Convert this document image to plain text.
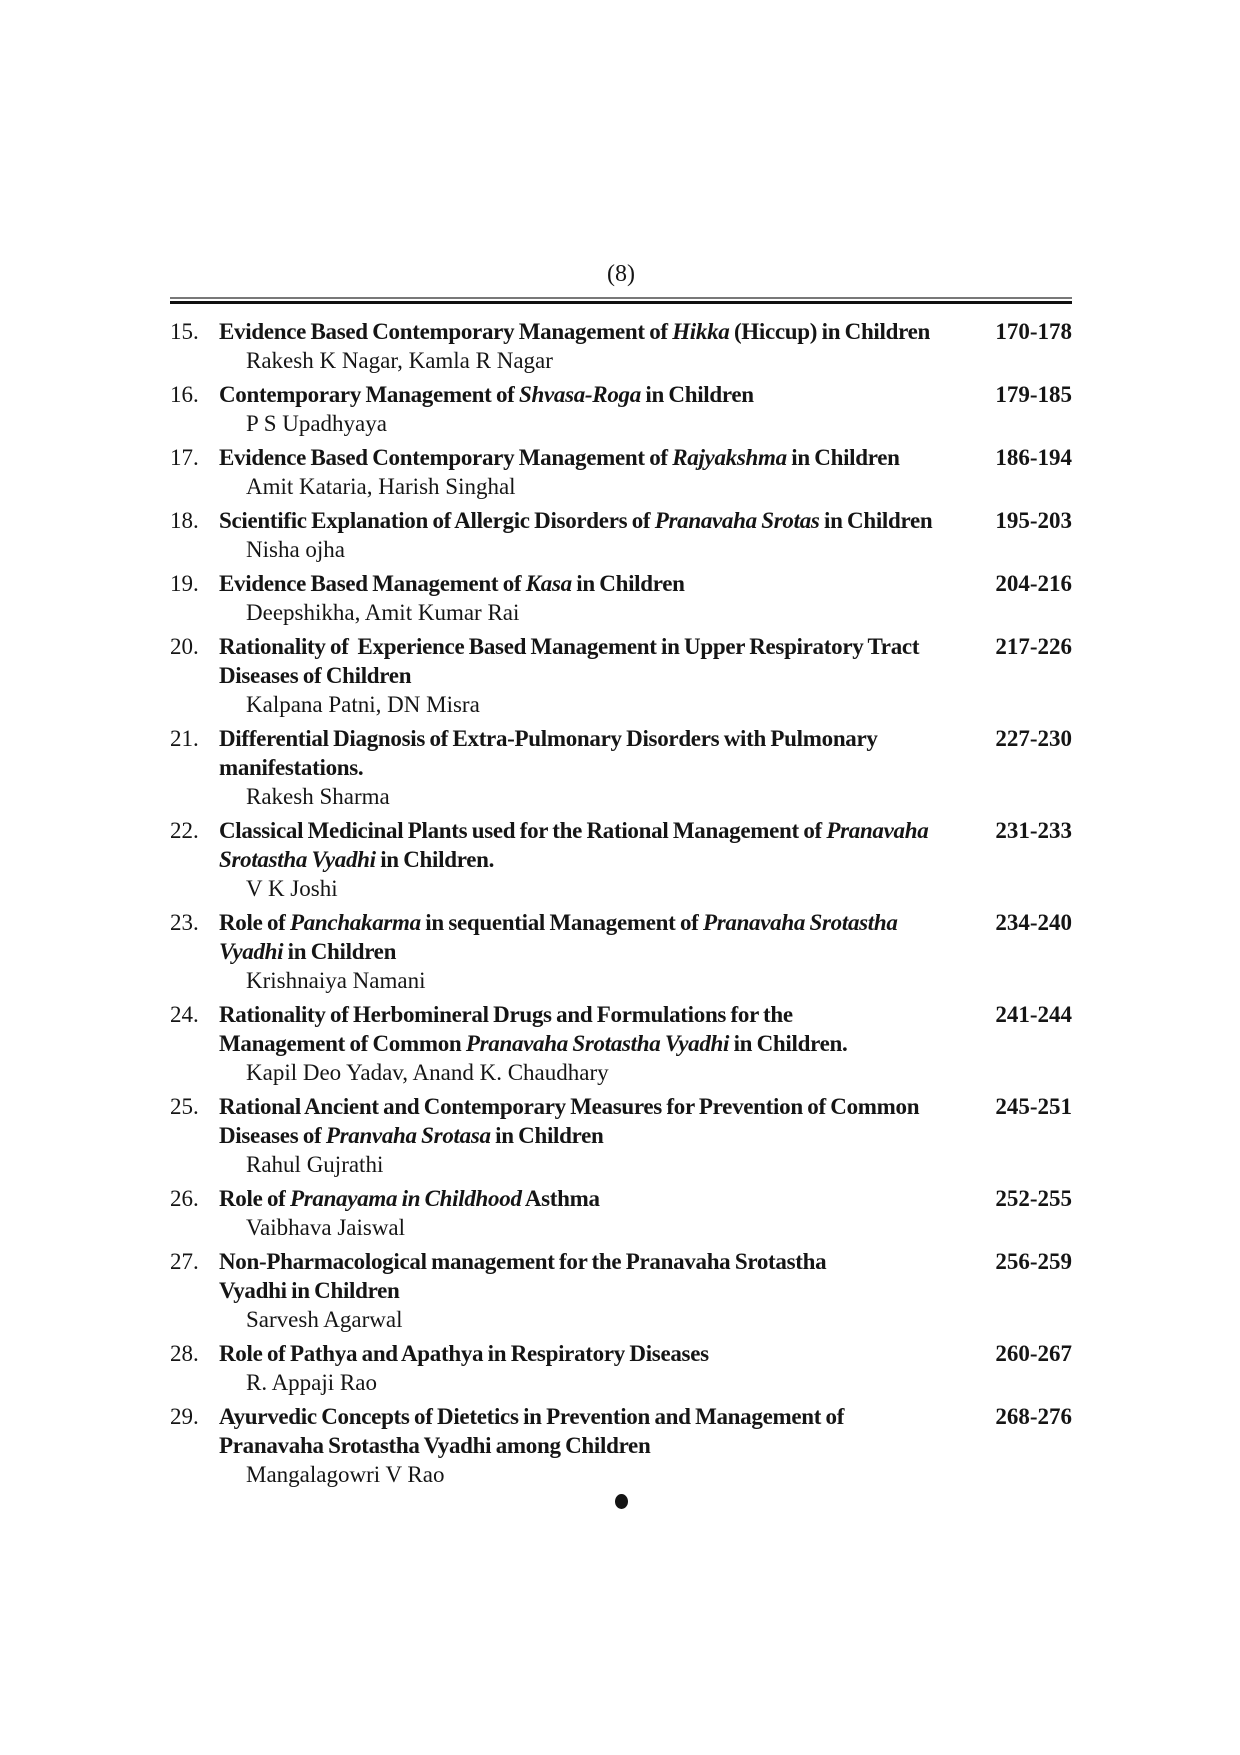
(8)
15. Evidence Based Contemporary Management of Hikka (Hiccup) in Children
Rakesh K Nagar, Kamla R Nagar
170-178
16. Contemporary Management of Shvasa-Roga in Children
P S Upadhyaya
179-185
17. Evidence Based Contemporary Management of Rajyakshma in Children
Amit Kataria, Harish Singhal
186-194
18. Scientific Explanation of Allergic Disorders of Pranavaha Srotas in Children
Nisha ojha
195-203
19. Evidence Based Management of Kasa in Children
Deepshikha, Amit Kumar Rai
204-216
20. Rationality of  Experience Based Management in Upper Respiratory Tract
Diseases of Children
Kalpana Patni, DN Misra
217-226
21. Differential Diagnosis of Extra-Pulmonary Disorders with Pulmonary
manifestations.
Rakesh Sharma
227-230
22. Classical Medicinal Plants used for the Rational Management of Pranavaha
Srotastha Vyadhi in Children.
V K Joshi
231-233
23. Role of Panchakarma in sequential Management of Pranavaha Srotastha
Vyadhi in Children
Krishnaiya Namani
234-240
24. Rationality of Herbomineral Drugs and Formulations for the
Management of Common Pranavaha Srotastha Vyadhi in Children.
Kapil Deo Yadav, Anand K. Chaudhary
241-244
25. Rational Ancient and Contemporary Measures for Prevention of Common
Diseases of Pranvaha Srotasa in Children
Rahul Gujrathi
245-251
26. Role of Pranayama in Childhood Asthma
Vaibhava Jaiswal
252-255
27. Non-Pharmacological management for the Pranavaha Srotastha
Vyadhi in Children
Sarvesh Agarwal
256-259
28. Role of Pathya and Apathya in Respiratory Diseases
R. Appaji Rao
260-267
29. Ayurvedic Concepts of Dietetics in Prevention and Management of
Pranavaha Srotastha Vyadhi among Children
Mangalagowri V Rao
268-276
